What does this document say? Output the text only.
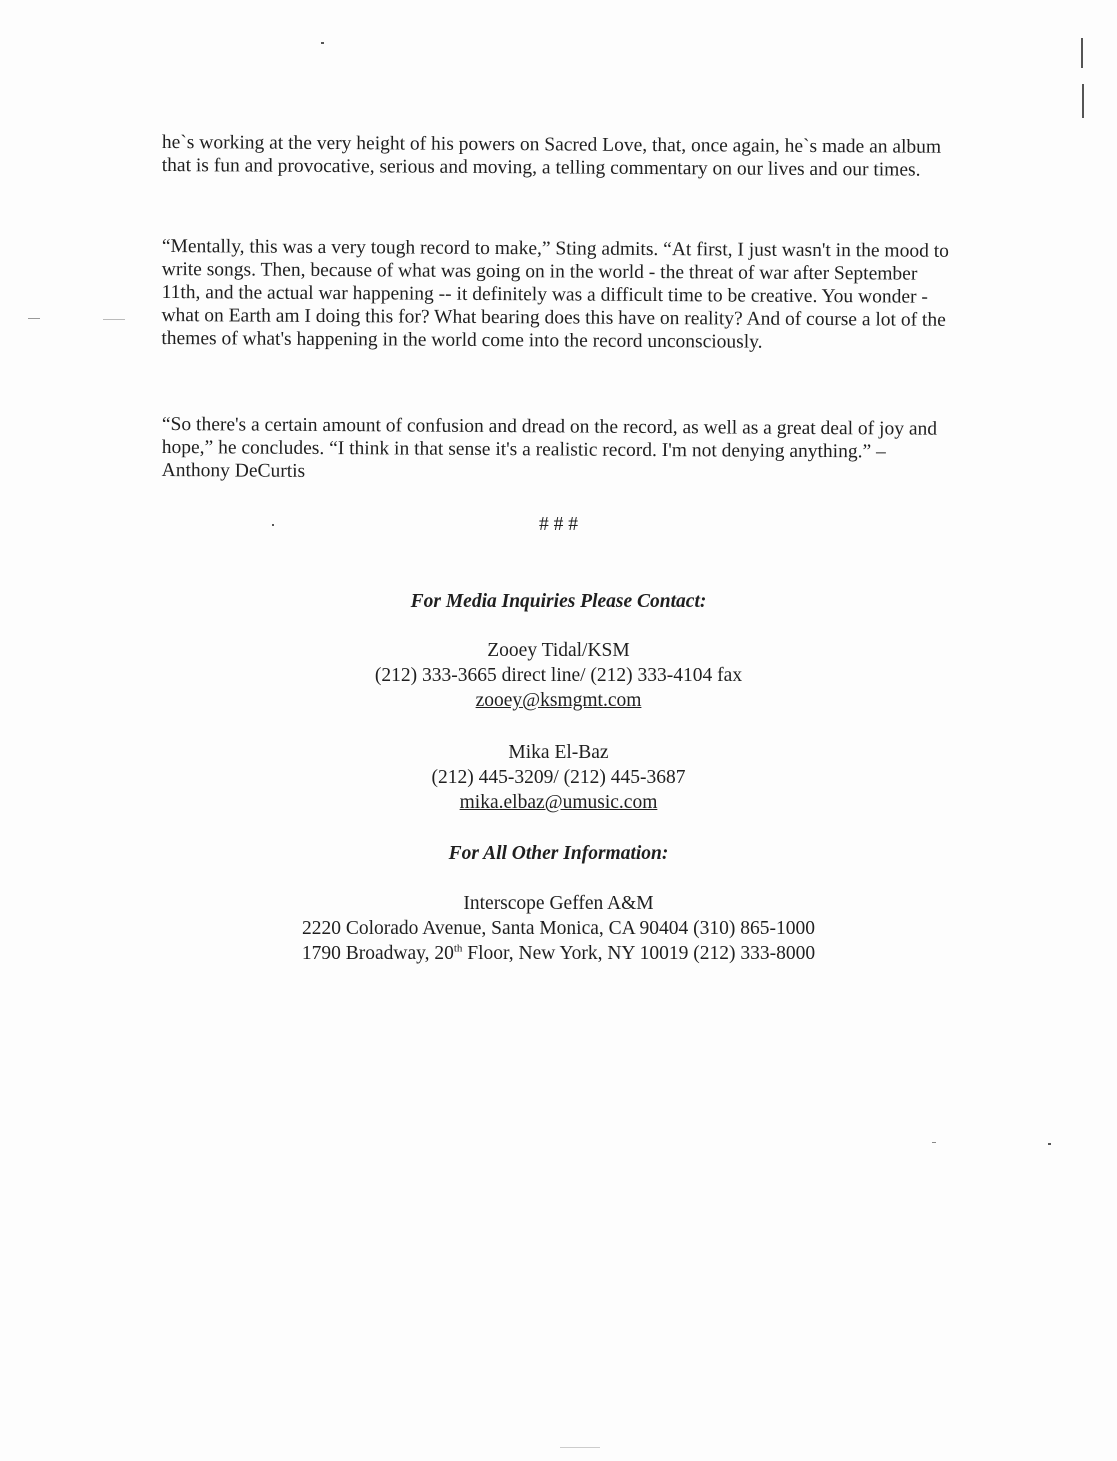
he`s working at the very height of his powers on Sacred Love, that, once again, he`s made an album that is fun and provocative, serious and moving, a telling commentary on our lives and our times.

“Mentally, this was a very tough record to make,” Sting admits. “At first, I just wasn't in the mood to write songs. Then, because of what was going on in the world - the threat of war after September 11th, and the actual war happening -- it definitely was a difficult time to be creative. You wonder - what on Earth am I doing this for? What bearing does this have on reality? And of course a lot of the themes of what's happening in the world come into the record unconsciously.

“So there's a certain amount of confusion and dread on the record, as well as a great deal of joy and hope,” he concludes. “I think in that sense it's a realistic record. I'm not denying anything.” – Anthony DeCurtis

# # #

For Media Inquiries Please Contact:

Zooey Tidal/KSM

(212) 333-3665 direct line/ (212) 333-4104 fax

zooey@ksmgmt.com

Mika El-Baz

(212) 445-3209/ (212) 445-3687

mika.elbaz@umusic.com

For All Other Information:

Interscope Geffen A&M

2220 Colorado Avenue, Santa Monica, CA 90404 (310) 865-1000

1790 Broadway, 20th Floor, New York, NY 10019 (212) 333-8000
